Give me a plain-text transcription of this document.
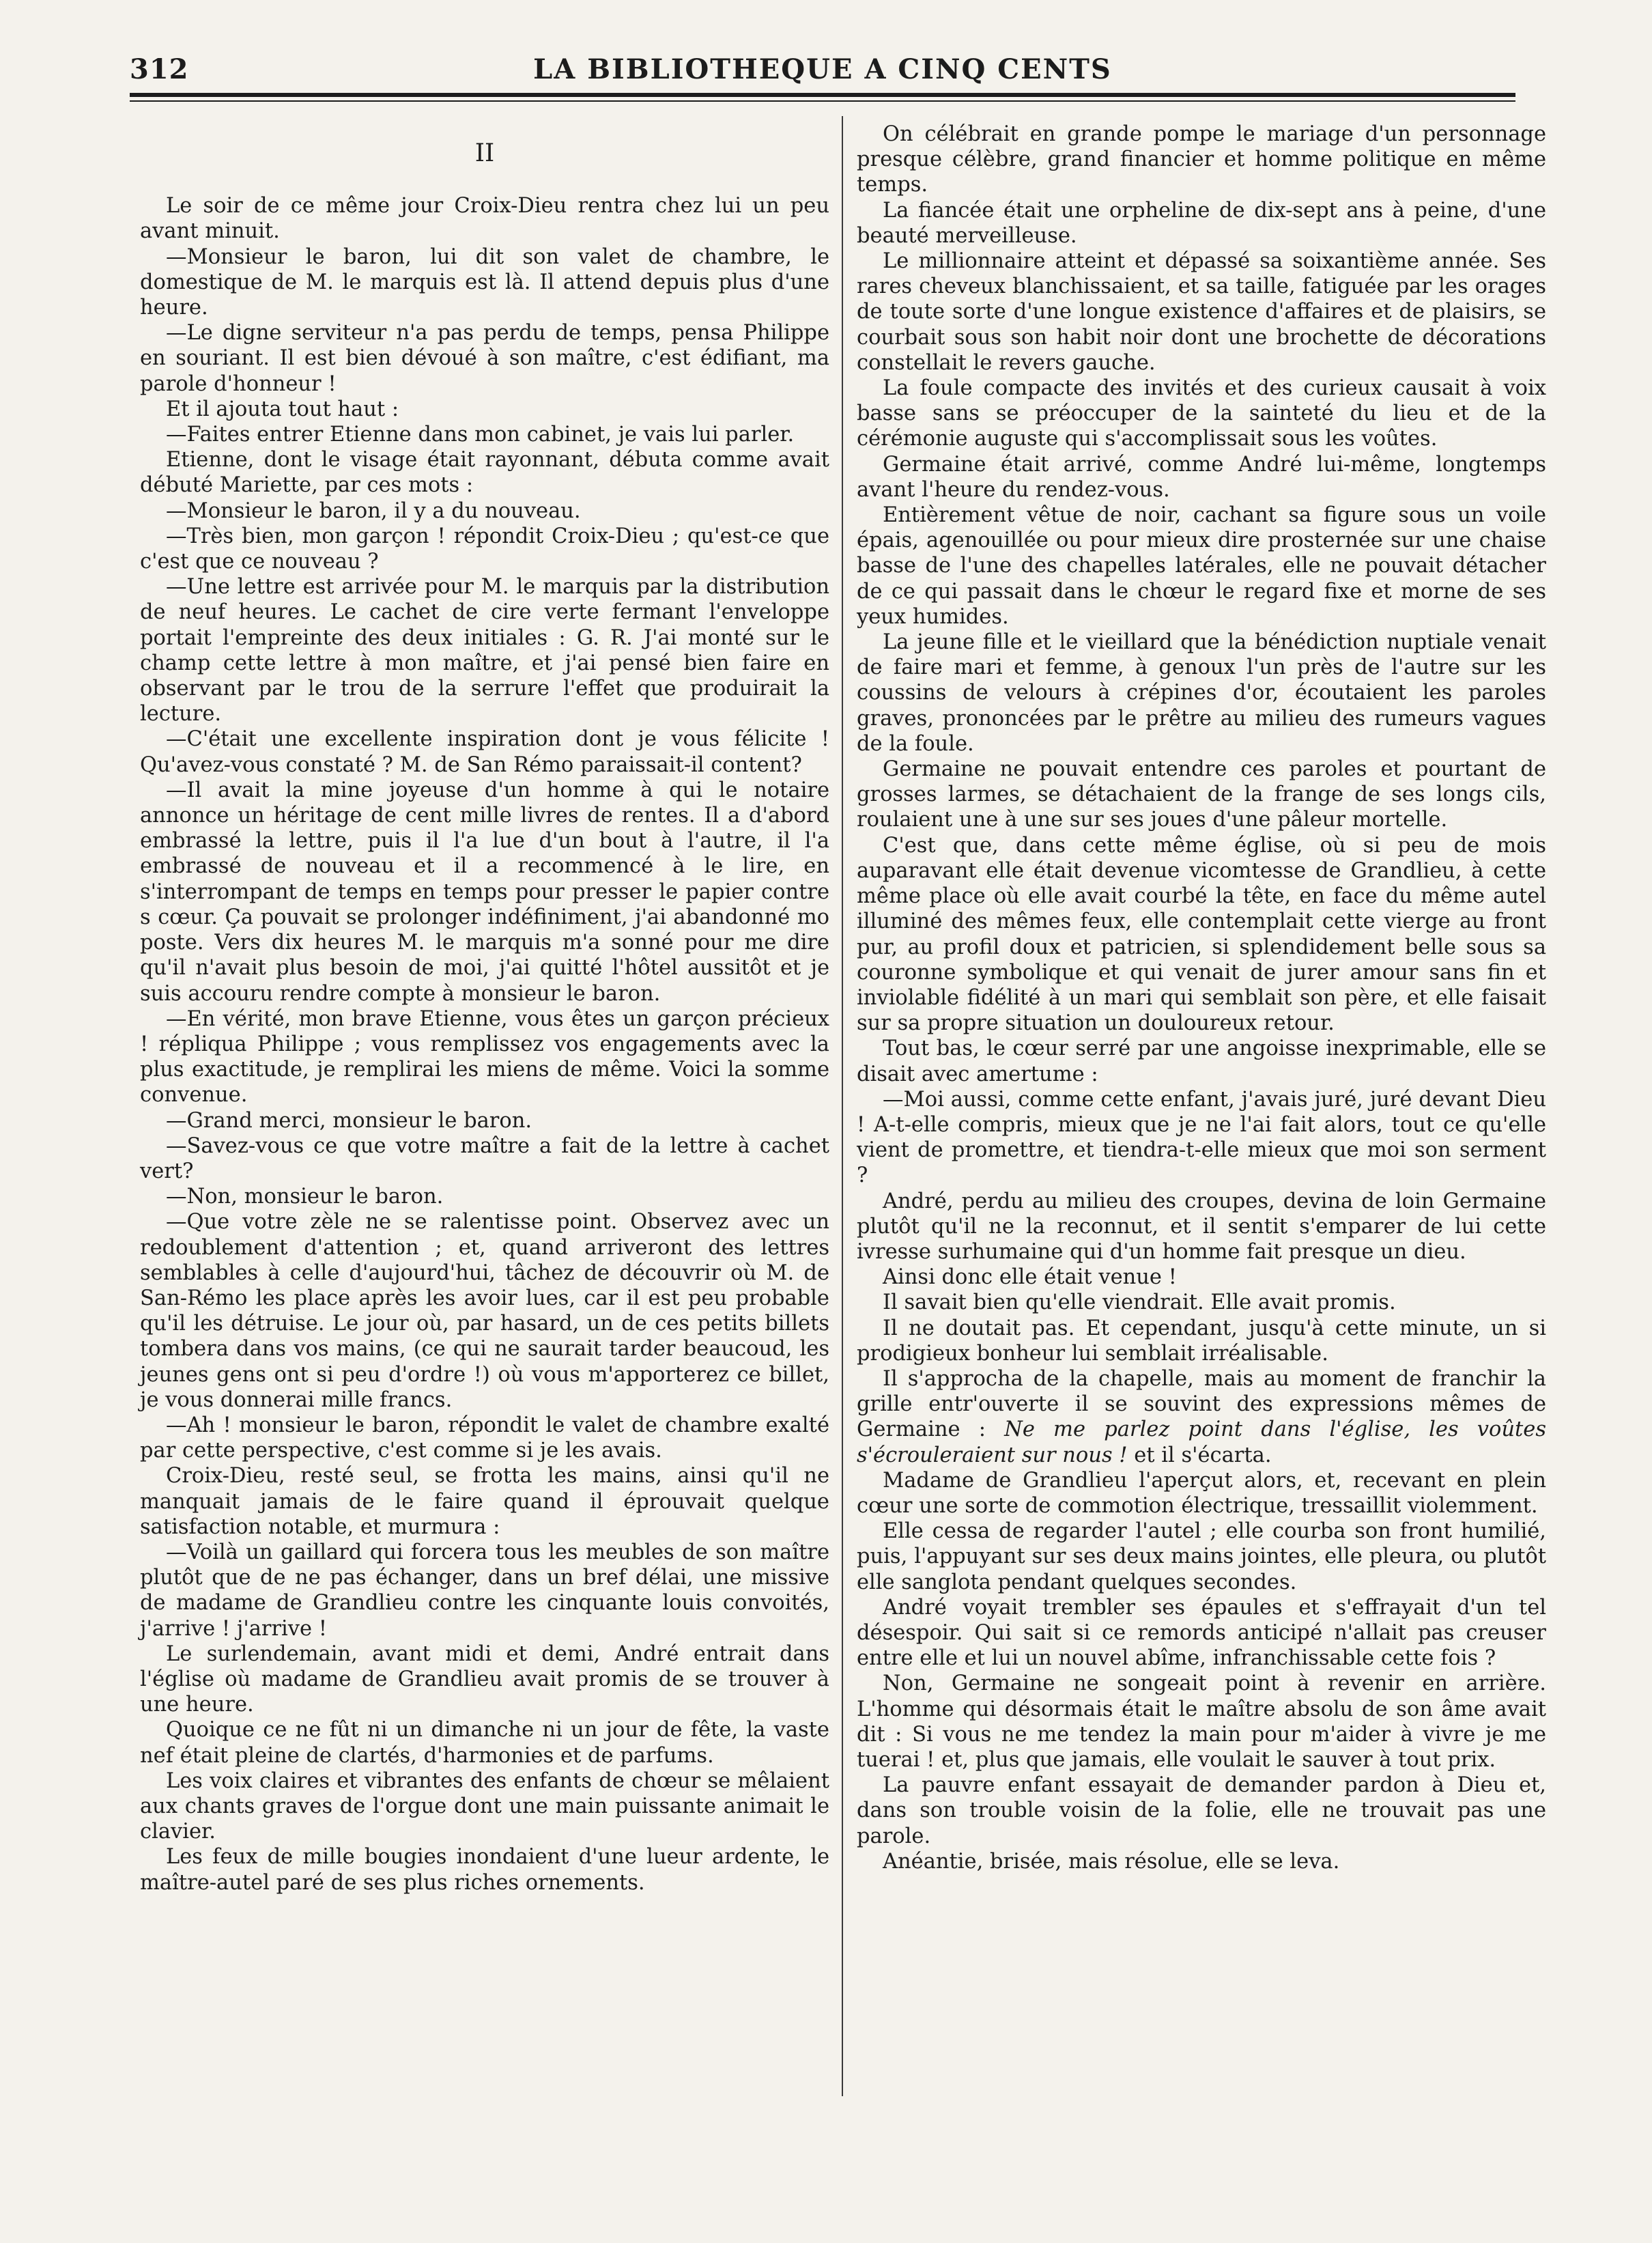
312	LA BIBLIOTHEQUE A CINQ CENTS
II

Le soir de ce même jour Croix-Dieu rentra chez lui un peu avant minuit.

—Monsieur le baron, lui dit son valet de chambre, le domestique de M. le marquis est là. Il attend depuis plus d'une heure.

—Le digne serviteur n'a pas perdu de temps, pensa Philippe en souriant. Il est bien dévoué à son maître, c'est édifiant, ma parole d'honneur !

Et il ajouta tout haut :

—Faites entrer Etienne dans mon cabinet, je vais lui parler.

Etienne, dont le visage était rayonnant, débuta comme avait débuté Mariette, par ces mots :

—Monsieur le baron, il y a du nouveau.

—Très bien, mon garçon ! répondit Croix-Dieu ; qu'est-ce que c'est que ce nouveau ?

—Une lettre est arrivée pour M. le marquis par la distribution de neuf heures. Le cachet de cire verte fermant l'enveloppe portait l'empreinte des deux initiales : G. R. J'ai monté sur le champ cette lettre à mon maître, et j'ai pensé bien faire en observant par le trou de la serrure l'effet que produirait la lecture.

—C'était une excellente inspiration dont je vous félicite ! Qu'avez-vous constaté ? M. de San Rémo paraissait-il content?

—Il avait la mine joyeuse d'un homme à qui le notaire annonce un héritage de cent mille livres de rentes. Il a d'abord embrassé la lettre, puis il l'a lue d'un bout à l'autre, il l'a embrassé de nouveau et il a recommencé à le lire, en s'interrompant de temps en temps pour presser le papier contre s cœur. Ça pouvait se prolonger indéfiniment, j'ai abandonné mo poste. Vers dix heures M. le marquis m'a sonné pour me dire qu'il n'avait plus besoin de moi, j'ai quitté l'hôtel aussitôt et je suis accouru rendre compte à monsieur le baron.

—En vérité, mon brave Etienne, vous êtes un garçon précieux ! répliqua Philippe ; vous remplissez vos engagements avec la plus exactitude, je remplirai les miens de même. Voici la somme convenue.

—Grand merci, monsieur le baron.

—Savez-vous ce que votre maître a fait de la lettre à cachet vert?

—Non, monsieur le baron.

—Que votre zèle ne se ralentisse point. Observez avec un redoublement d'attention ; et, quand arriveront des lettres semblables à celle d'aujourd'hui, tâchez de découvrir où M. de San-Rémo les place après les avoir lues, car il est peu probable qu'il les détruise. Le jour où, par hasard, un de ces petits billets tombera dans vos mains, (ce qui ne saurait tarder beaucoud, les jeunes gens ont si peu d'ordre !) où vous m'apporterez ce billet, je vous donnerai mille francs.

—Ah ! monsieur le baron, répondit le valet de chambre exalté par cette perspective, c'est comme si je les avais.

Croix-Dieu, resté seul, se frotta les mains, ainsi qu'il ne manquait jamais de le faire quand il éprouvait quelque satisfaction notable, et murmura :

—Voilà un gaillard qui forcera tous les meubles de son maître plutôt que de ne pas échanger, dans un bref délai, une missive de madame de Grandlieu contre les cinquante louis convoités, j'arrive ! j'arrive !

Le surlendemain, avant midi et demi, André entrait dans l'église où madame de Grandlieu avait promis de se trouver à une heure.

Quoique ce ne fût ni un dimanche ni un jour de fête, la vaste nef était pleine de clartés, d'harmonies et de parfums.

Les voix claires et vibrantes des enfants de chœur se mêlaient aux chants graves de l'orgue dont une main puissante animait le clavier.

Les feux de mille bougies inondaient d'une lueur ardente, le maître-autel paré de ses plus riches ornements.

On célébrait en grande pompe le mariage d'un personnage presque célèbre, grand financier et homme politique en même temps.

La fiancée était une orpheline de dix-sept ans à peine, d'une beauté merveilleuse.

Le millionnaire atteint et dépassé sa soixantième année. Ses rares cheveux blanchissaient, et sa taille, fatiguée par les orages de toute sorte d'une longue existence d'affaires et de plaisirs, se courbait sous son habit noir dont une brochette de décorations constellait le revers gauche.

La foule compacte des invités et des curieux causait à voix basse sans se préoccuper de la sainteté du lieu et de la cérémonie auguste qui s'accomplissait sous les voûtes.

Germaine était arrivé, comme André lui-même, longtemps avant l'heure du rendez-vous.

Entièrement vêtue de noir, cachant sa figure sous un voile épais, agenouillée ou pour mieux dire prosternée sur une chaise basse de l'une des chapelles latérales, elle ne pouvait détacher de ce qui passait dans le chœur le regard fixe et morne de ses yeux humides.

La jeune fille et le vieillard que la bénédiction nuptiale venait de faire mari et femme, à genoux l'un près de l'autre sur les coussins de velours à crépines d'or, écoutaient les paroles graves, prononcées par le prêtre au milieu des rumeurs vagues de la foule.

Germaine ne pouvait entendre ces paroles et pourtant de grosses larmes, se détachaient de la frange de ses longs cils, roulaient une à une sur ses joues d'une pâleur mortelle.

C'est que, dans cette même église, où si peu de mois auparavant elle était devenue vicomtesse de Grandlieu, à cette même place où elle avait courbé la tête, en face du même autel illuminé des mêmes feux, elle contemplait cette vierge au front pur, au profil doux et patricien, si splendidement belle sous sa couronne symbolique et qui venait de jurer amour sans fin et inviolable fidélité à un mari qui semblait son père, et elle faisait sur sa propre situation un douloureux retour.

Tout bas, le cœur serré par une angoisse inexprimable, elle se disait avec amertume :

—Moi aussi, comme cette enfant, j'avais juré, juré devant Dieu ! A-t-elle compris, mieux que je ne l'ai fait alors, tout ce qu'elle vient de promettre, et tiendra-t-elle mieux que moi son serment ?

André, perdu au milieu des croupes, devina de loin Germaine plutôt qu'il ne la reconnut, et il sentit s'emparer de lui cette ivresse surhumaine qui d'un homme fait presque un dieu.

Ainsi donc elle était venue !

Il savait bien qu'elle viendrait. Elle avait promis.

Il ne doutait pas. Et cependant, jusqu'à cette minute, un si prodigieux bonheur lui semblait irréalisable.

Il s'approcha de la chapelle, mais au moment de franchir la grille entr'ouverte il se souvint des expressions mêmes de Germaine : Ne me parlez point dans l'église, les voûtes s'écrouleraient sur nous ! et il s'écarta.

Madame de Grandlieu l'aperçut alors, et, recevant en plein cœur une sorte de commotion électrique, tressaillit violemment.

Elle cessa de regarder l'autel ; elle courba son front humilié, puis, l'appuyant sur ses deux mains jointes, elle pleura, ou plutôt elle sanglota pendant quelques secondes.

André voyait trembler ses épaules et s'effrayait d'un tel désespoir. Qui sait si ce remords anticipé n'allait pas creuser entre elle et lui un nouvel abîme, infranchissable cette fois ?

Non, Germaine ne songeait point à revenir en arrière. L'homme qui désormais était le maître absolu de son âme avait dit : Si vous ne me tendez la main pour m'aider à vivre je me tuerai ! et, plus que jamais, elle voulait le sauver à tout prix.

La pauvre enfant essayait de demander pardon à Dieu et, dans son trouble voisin de la folie, elle ne trouvait pas une parole.

Anéantie, brisée, mais résolue, elle se leva.
